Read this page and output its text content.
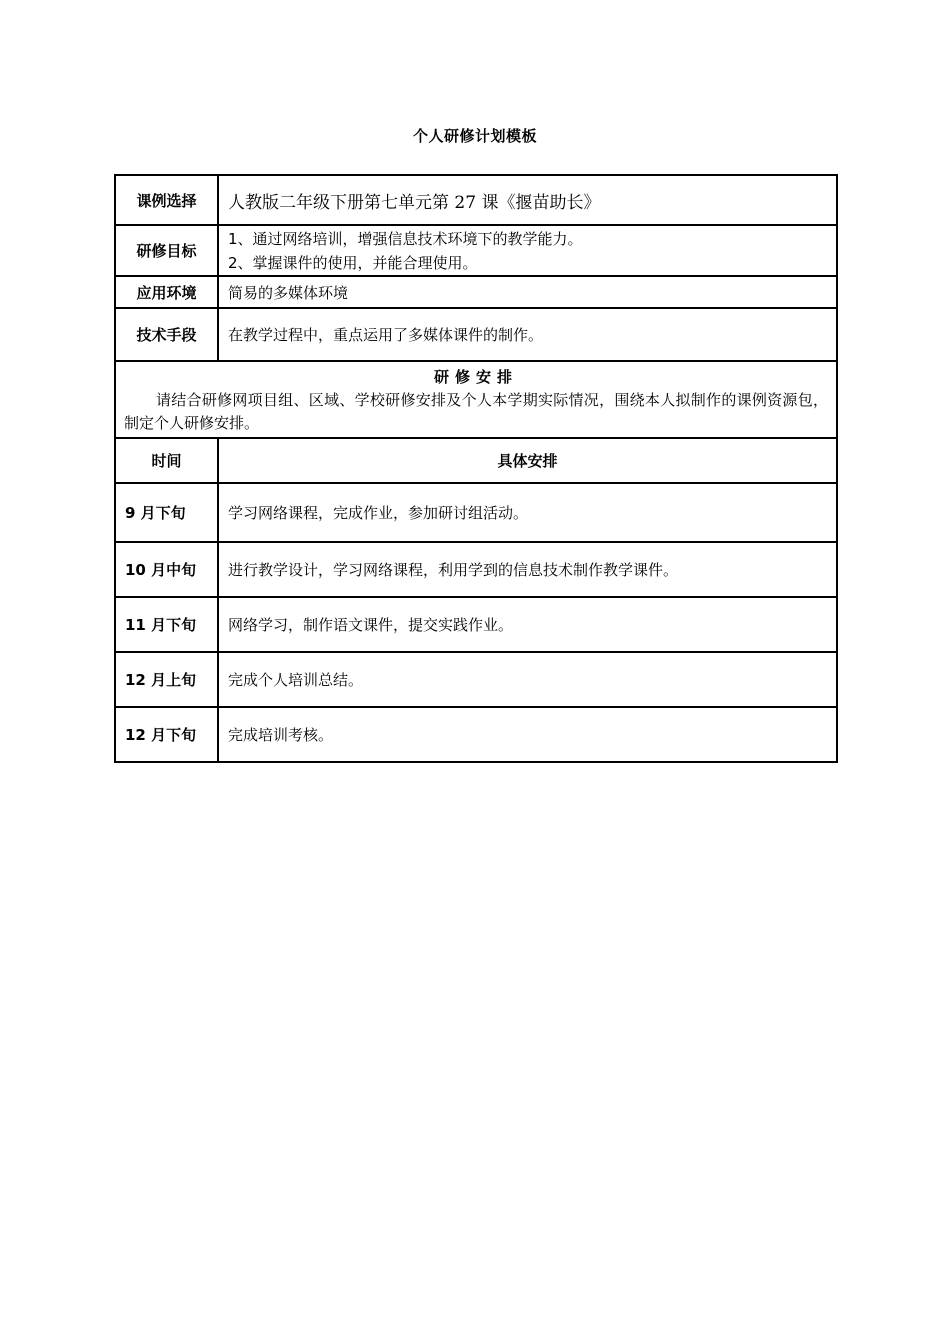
个人研修计划模板
课例选择	人教版二年级下册第七单元第 27 课《揠苗助长》
研修目标	1、通过网络培训，增强信息技术环境下的教学能力。
2、掌握课件的使用，并能合理使用。

应用环境	简易的多媒体环境
技术手段	在教学过程中，重点运用了多媒体课件的制作。

研修安排
请结合研修网项目组、区域、学校研修安排及个人本学期实际情况，围绕本人拟制作的课例资源包，制定个人研修安排。	

时间	具体安排
9 月下旬	学习网络课程，完成作业，参加研讨组活动。
10 月中旬	进行教学设计，学习网络课程，利用学到的信息技术制作教学课件。
11 月下旬	网络学习，制作语文课件，提交实践作业。
12 月上旬	完成个人培训总结。
12 月下旬	完成培训考核。
